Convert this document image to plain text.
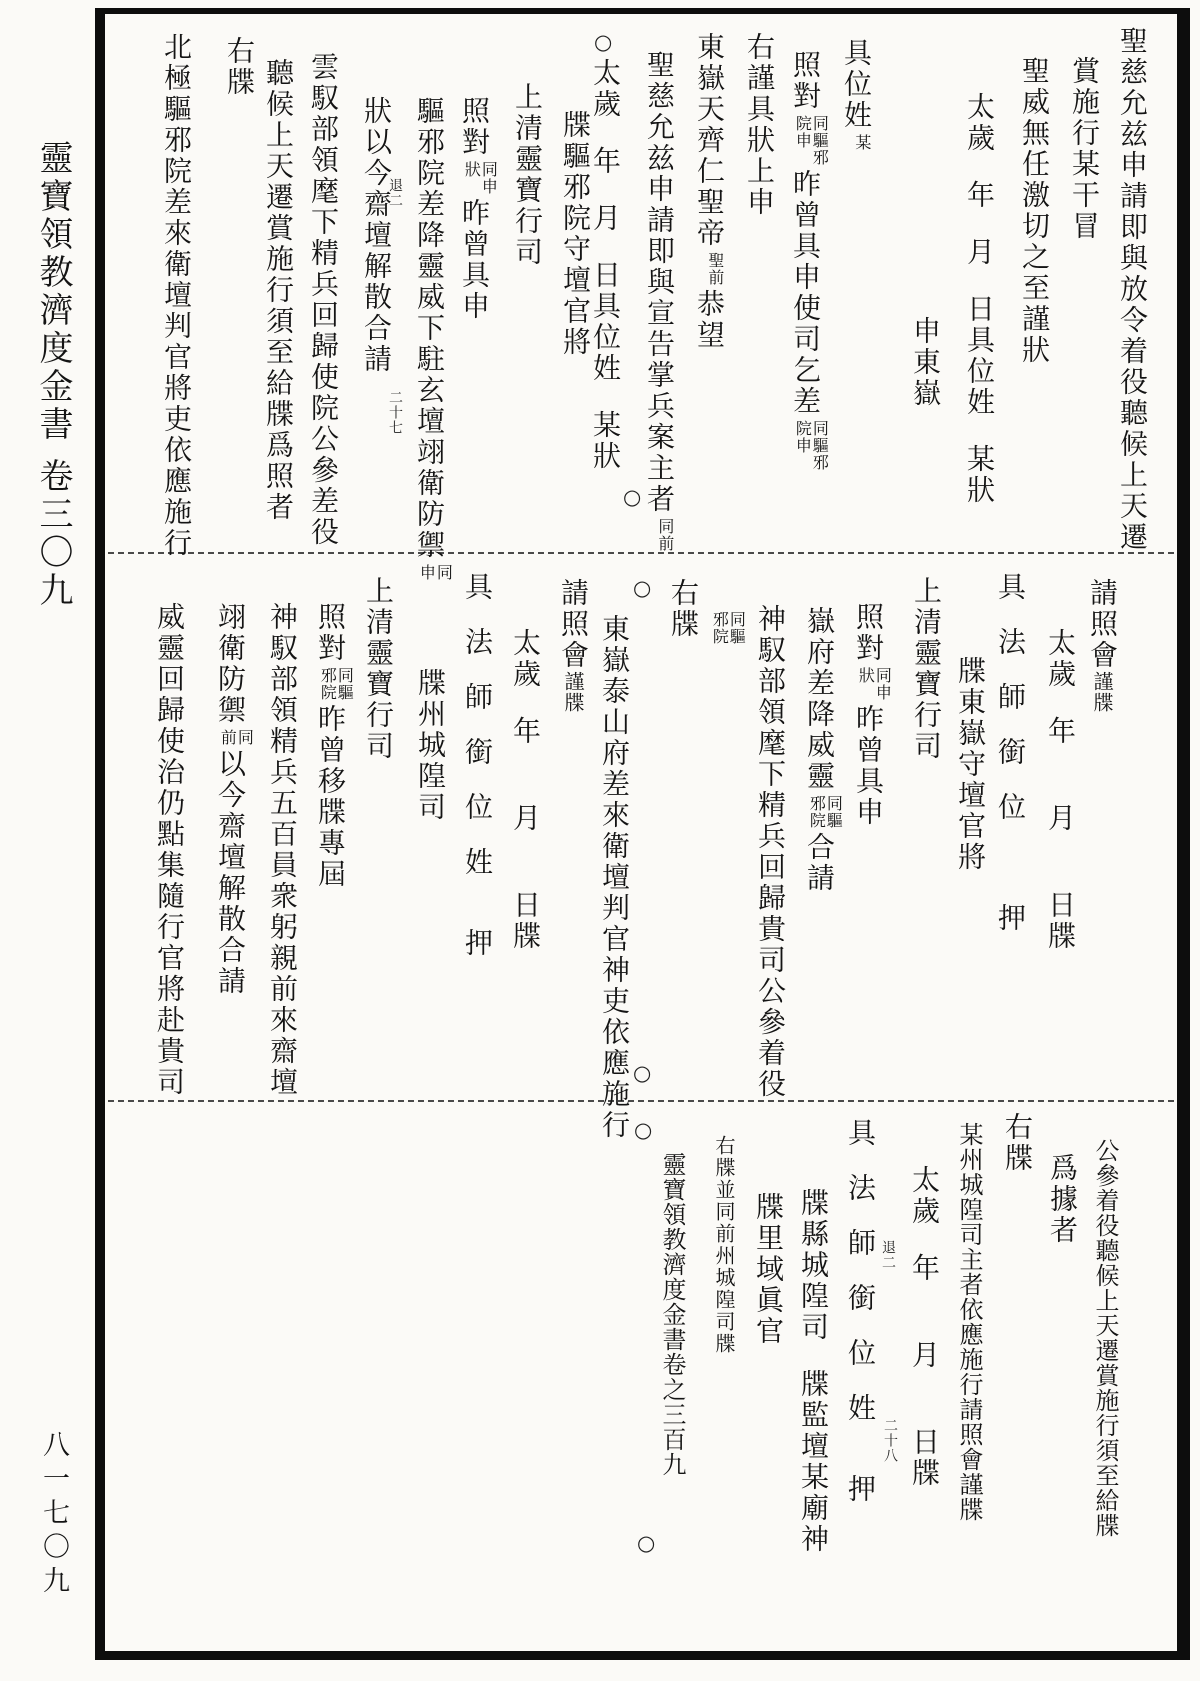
靈寶領教濟度金書卷三〇九
八一七〇九
聖慈允兹申請即與放令着役聽候上天遷
賞施行某干冒
聖威無任激切之至謹狀
太歲年月日具位姓某狀
申東嶽
具位姓
某
照對
同驅邪
院申
昨曾具申使司乞差
同驅邪
院申
右謹具狀上申
東嶽天齊仁聖帝
聖前
恭望
聖慈允兹申請即與宣告掌兵案主者
同前
○
太歲年月日具位姓某狀
○
牒驅邪院守壇官將
上清靈寶行司
照對
同申
狀
昨曾具申
驅邪院差降靈威下駐玄壇翊衛防禦
同
申
退二
狀以今齋壇解散合請
二十七
雲馭部領麾下精兵回歸使院公參差役
聽候上天遷賞施行須至給牒爲照者
右牒
北極驅邪院差來衛壇判官將吏依應施行
請照會謹牒
太歲年月日牒
具法師銜位押
牒東嶽守壇官將
上清靈寶行司
照對
同申
狀
昨曾具申
嶽府差降威靈
同驅
邪院
合請
神馭部領麾下精兵回歸貴司公參着役
同驅
邪院
右牒
○
東嶽泰山府差來衛壇判官神吏依應施行 ○
請照會謹牒
太歲年月日牒
具法師銜位姓押
牒州城隍司
上清靈寶行司
照對
同驅
邪院
昨曾移牒專屆
神馭部領精兵五百員衆躬親前來齋壇
翊衛防禦
同
前
以今齋壇解散合請
威靈回歸使治仍點集隨行官將赴貴司
公參着役聽候上天遷賞施行須至給牒
爲據者
右牒
某州城隍司主者依應施行請照會謹牒
退二
太歲年月日牒
二十八
具法師銜位姓押
牒縣城隍司牒監壇某廟神
牒里域眞官
右牒並同前州城隍司牒
○
靈寶領教濟度金書卷之三百九
○
